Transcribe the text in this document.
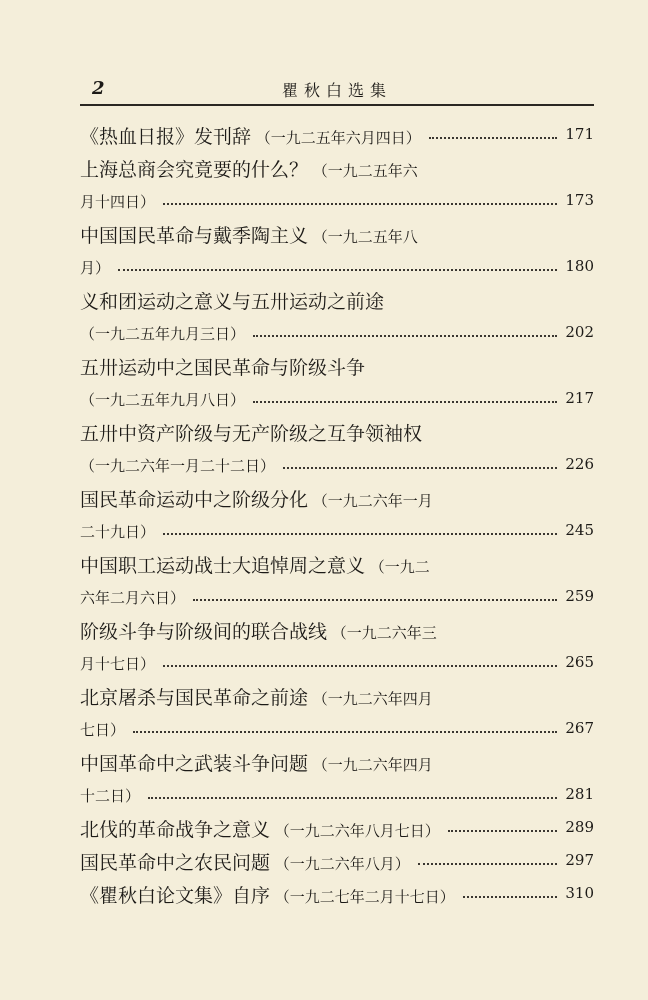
2	瞿秋白选集
《热血日报》发刊辞 （一九二五年六月四日）	171
上海总商会究竟要的什么？ （一九二五年六
月十四日）	173
中国国民革命与戴季陶主义 （一九二五年八
月）	180
义和团运动之意义与五卅运动之前途
（一九二五年九月三日）	202
五卅运动中之国民革命与阶级斗争
（一九二五年九月八日）	217
五卅中资产阶级与无产阶级之互争领袖权
（一九二六年一月二十二日）	226
国民革命运动中之阶级分化 （一九二六年一月
二十九日）	245
中国职工运动战士大追悼周之意义 （一九二
六年二月六日）	259
阶级斗争与阶级间的联合战线 （一九二六年三
月十七日）	265
北京屠杀与国民革命之前途 （一九二六年四月
七日）	267
中国革命中之武装斗争问题 （一九二六年四月
十二日）	281
北伐的革命战争之意义 （一九二六年八月七日）	289
国民革命中之农民问题 （一九二六年八月）	297
《瞿秋白论文集》自序 （一九二七年二月十七日）	310
